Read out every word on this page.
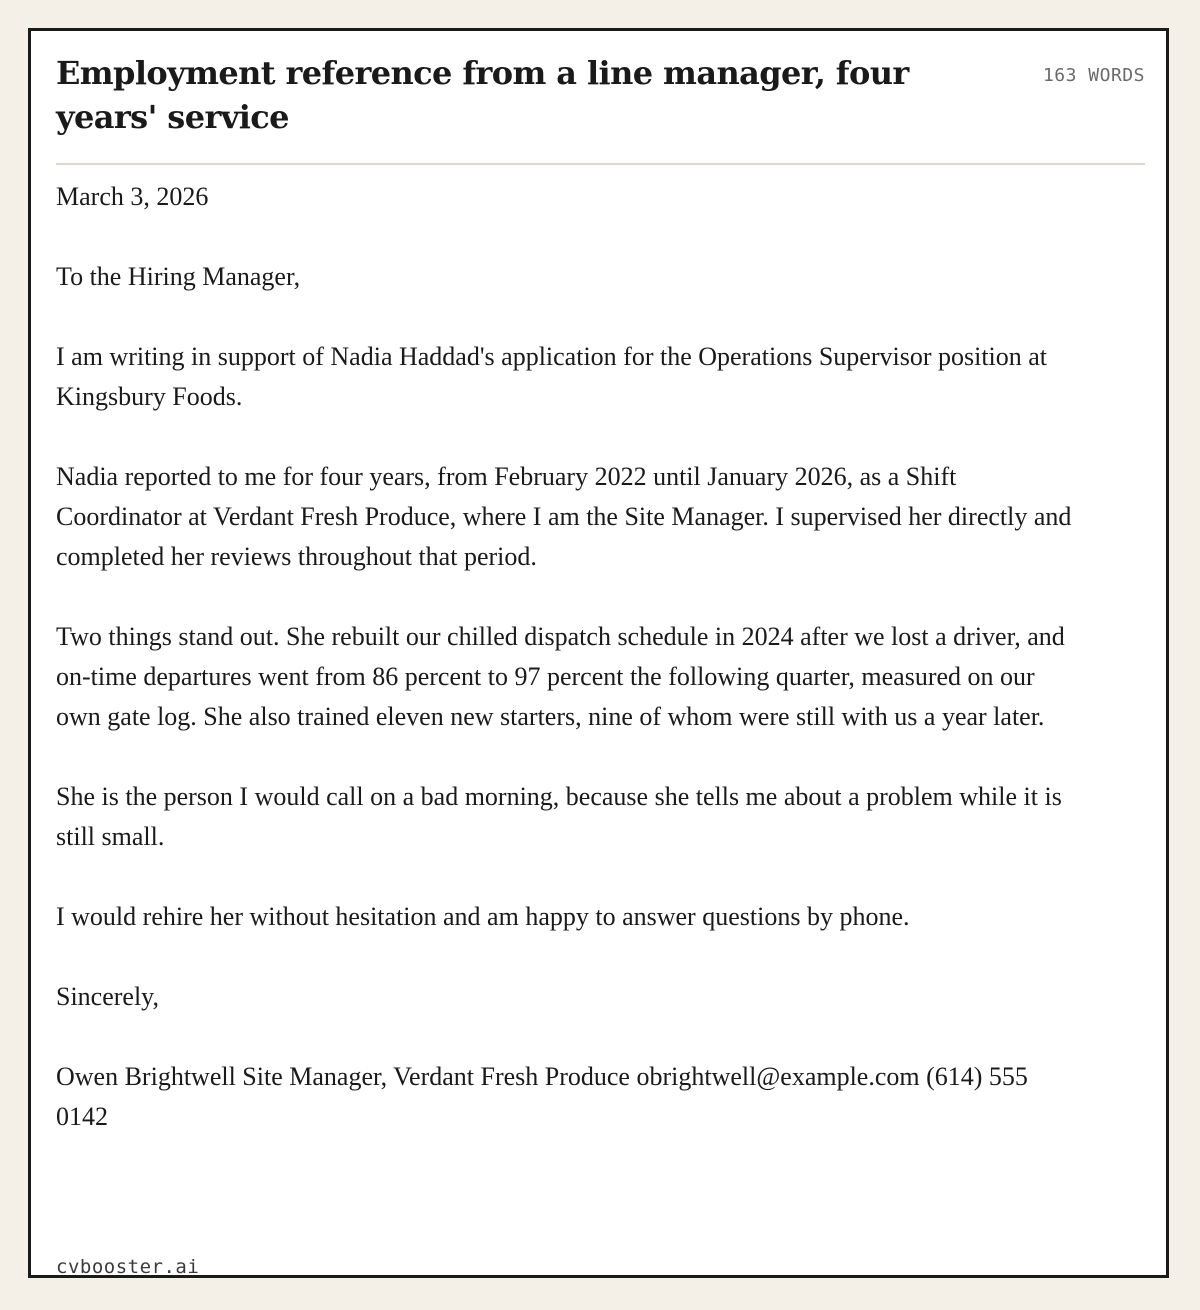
Employment reference from a line manager, four years' service
163 WORDS

March 3, 2026

To the Hiring Manager,

I am writing in support of Nadia Haddad's application for the Operations Supervisor position at Kingsbury Foods.

Nadia reported to me for four years, from February 2022 until January 2026, as a Shift Coordinator at Verdant Fresh Produce, where I am the Site Manager. I supervised her directly and completed her reviews throughout that period.

Two things stand out. She rebuilt our chilled dispatch schedule in 2024 after we lost a driver, and on-time departures went from 86 percent to 97 percent the following quarter, measured on our own gate log. She also trained eleven new starters, nine of whom were still with us a year later.

She is the person I would call on a bad morning, because she tells me about a problem while it is still small.

I would rehire her without hesitation and am happy to answer questions by phone.

Sincerely,

Owen Brightwell Site Manager, Verdant Fresh Produce obrightwell@example.com (614) 555 0142

cvbooster.ai
